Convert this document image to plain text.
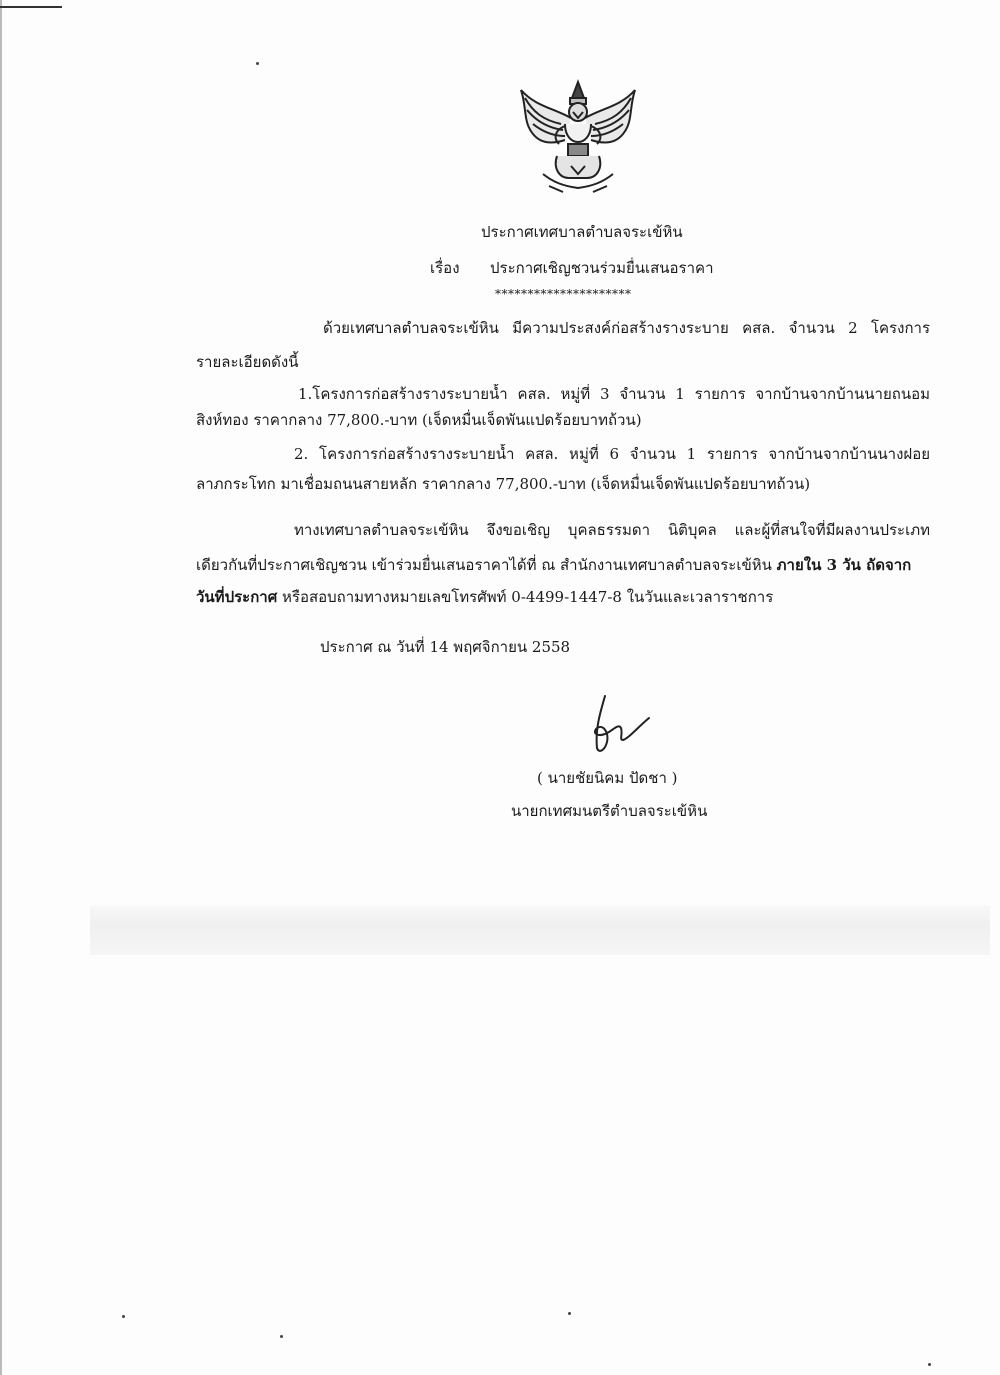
ประกาศเทศบาลตำบลจระเข้หิน
เรื่อง ประกาศเชิญชวนร่วมยื่นเสนอราคา
*********************
ด้วยเทศบาลตำบลจระเข้หิน มีความประสงค์ก่อสร้างรางระบาย คสล. จำนวน 2 โครงการ
รายละเอียดดังนี้
1.โครงการก่อสร้างรางระบายน้ำ คสล. หมู่ที่ 3 จำนวน 1 รายการ จากบ้านจากบ้านนายถนอม
สิงห์ทอง ราคากลาง 77,800.-บาท (เจ็ดหมื่นเจ็ดพันแปดร้อยบาทถ้วน)
2. โครงการก่อสร้างรางระบายน้ำ คสล. หมู่ที่ 6 จำนวน 1 รายการ จากบ้านจากบ้านนางฝอย
ลาภกระโทก มาเชื่อมถนนสายหลัก ราคากลาง 77,800.-บาท (เจ็ดหมื่นเจ็ดพันแปดร้อยบาทถ้วน)
ทางเทศบาลตำบลจระเข้หิน จึงขอเชิญ บุคลธรรมดา นิติบุคล และผู้ที่สนใจที่มีผลงานประเภท
เดียวกันที่ประกาศเชิญชวน เข้าร่วมยื่นเสนอราคาได้ที่ ณ สำนักงานเทศบาลตำบลจระเข้หิน ภายใน 3 วัน ถัดจาก
วันที่ประกาศ หรือสอบถามทางหมายเลขโทรศัพท์ 0-4499-1447-8 ในวันและเวลาราชการ
ประกาศ ณ วันที่ 14 พฤศจิกายน 2558
( นายชัยนิคม ปัดชา )
นายกเทศมนตรีตำบลจระเข้หิน
